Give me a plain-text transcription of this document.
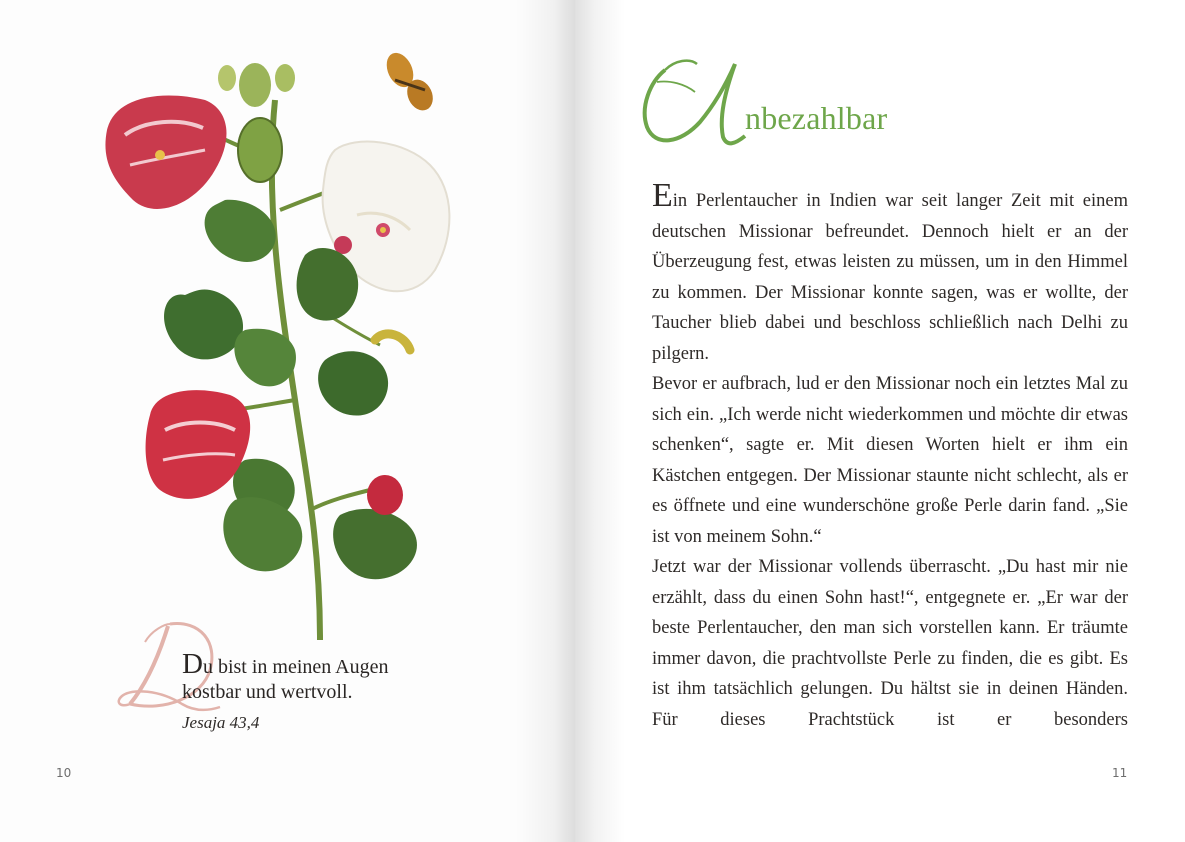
Du bist in meinen Augen
kostbar und wertvoll.
Jesaja 43,4
10
nbezahlbar

Ein Perlentaucher in Indien war seit langer Zeit mit einem deutschen Missionar befreundet. Dennoch hielt er an der Überzeugung fest, etwas leisten zu müssen, um in den Himmel zu kommen. Der Missionar konnte sagen, was er wollte, der Taucher blieb dabei und beschloss schließlich nach Delhi zu pilgern.

Bevor er aufbrach, lud er den Missionar noch ein letztes Mal zu sich ein. „Ich werde nicht wiederkommen und möchte dir etwas schenken“, sagte er. Mit diesen Worten hielt er ihm ein Kästchen entgegen. Der Missionar staunte nicht schlecht, als er es öffnete und eine wunderschöne große Perle darin fand. „Sie ist von meinem Sohn.“

Jetzt war der Missionar vollends überrascht. „Du hast mir nie erzählt, dass du einen Sohn hast!“, entgegnete er. „Er war der beste Perlentaucher, den man sich vorstellen kann. Er träumte immer davon, die prachtvollste Perle zu finden, die es gibt. Es ist ihm tatsächlich gelungen. Du hältst sie in deinen Händen. Für dieses Prachtstück ist er besonders

11
